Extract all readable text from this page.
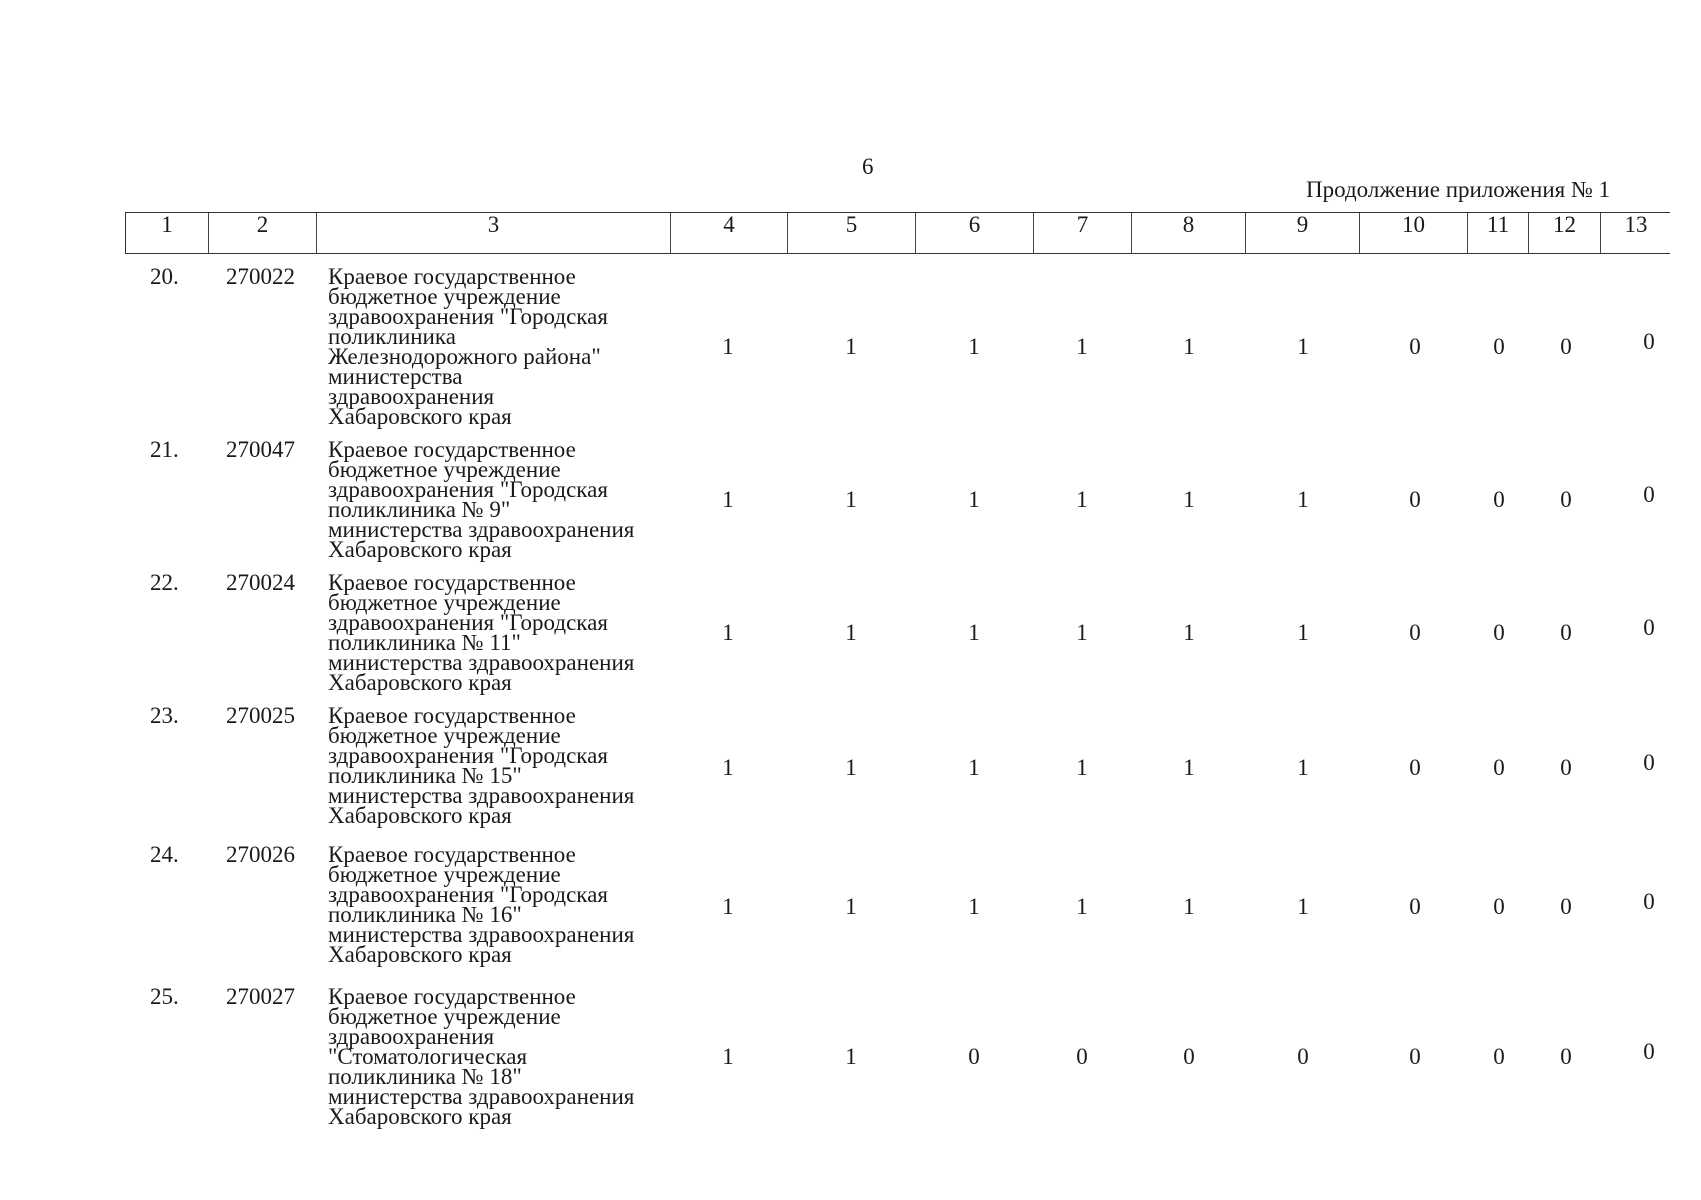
6
Продолжение приложения № 1
1	2	3	4	5	6	7	8	9	10	11	12	13
20. 270022 Краевое государственное
бюджетное учреждение
здравоохранения "Городская
поликлиника
Железнодорожного района"
министерства
здравоохранения
Хабаровского края
1	1	1	1	1	1	0	0	0	0
21. 270047 Краевое государственное
бюджетное учреждение
здравоохранения "Городская
поликлиника № 9"
министерства здравоохранения
Хабаровского края
1	1	1	1	1	1	0	0	0	0
22. 270024 Краевое государственное
бюджетное учреждение
здравоохранения "Городская
поликлиника № 11"
министерства здравоохранения
Хабаровского края
1	1	1	1	1	1	0	0	0	0
23. 270025 Краевое государственное
бюджетное учреждение
здравоохранения "Городская
поликлиника № 15"
министерства здравоохранения
Хабаровского края
1	1	1	1	1	1	0	0	0	0
24. 270026 Краевое государственное
бюджетное учреждение
здравоохранения "Городская
поликлиника № 16"
министерства здравоохранения
Хабаровского края
1	1	1	1	1	1	0	0	0	0
25. 270027 Краевое государственное
бюджетное учреждение
здравоохранения
"Стоматологическая
поликлиника № 18"
министерства здравоохранения
Хабаровского края
1	1	0	0	0	0	0	0	0	0
